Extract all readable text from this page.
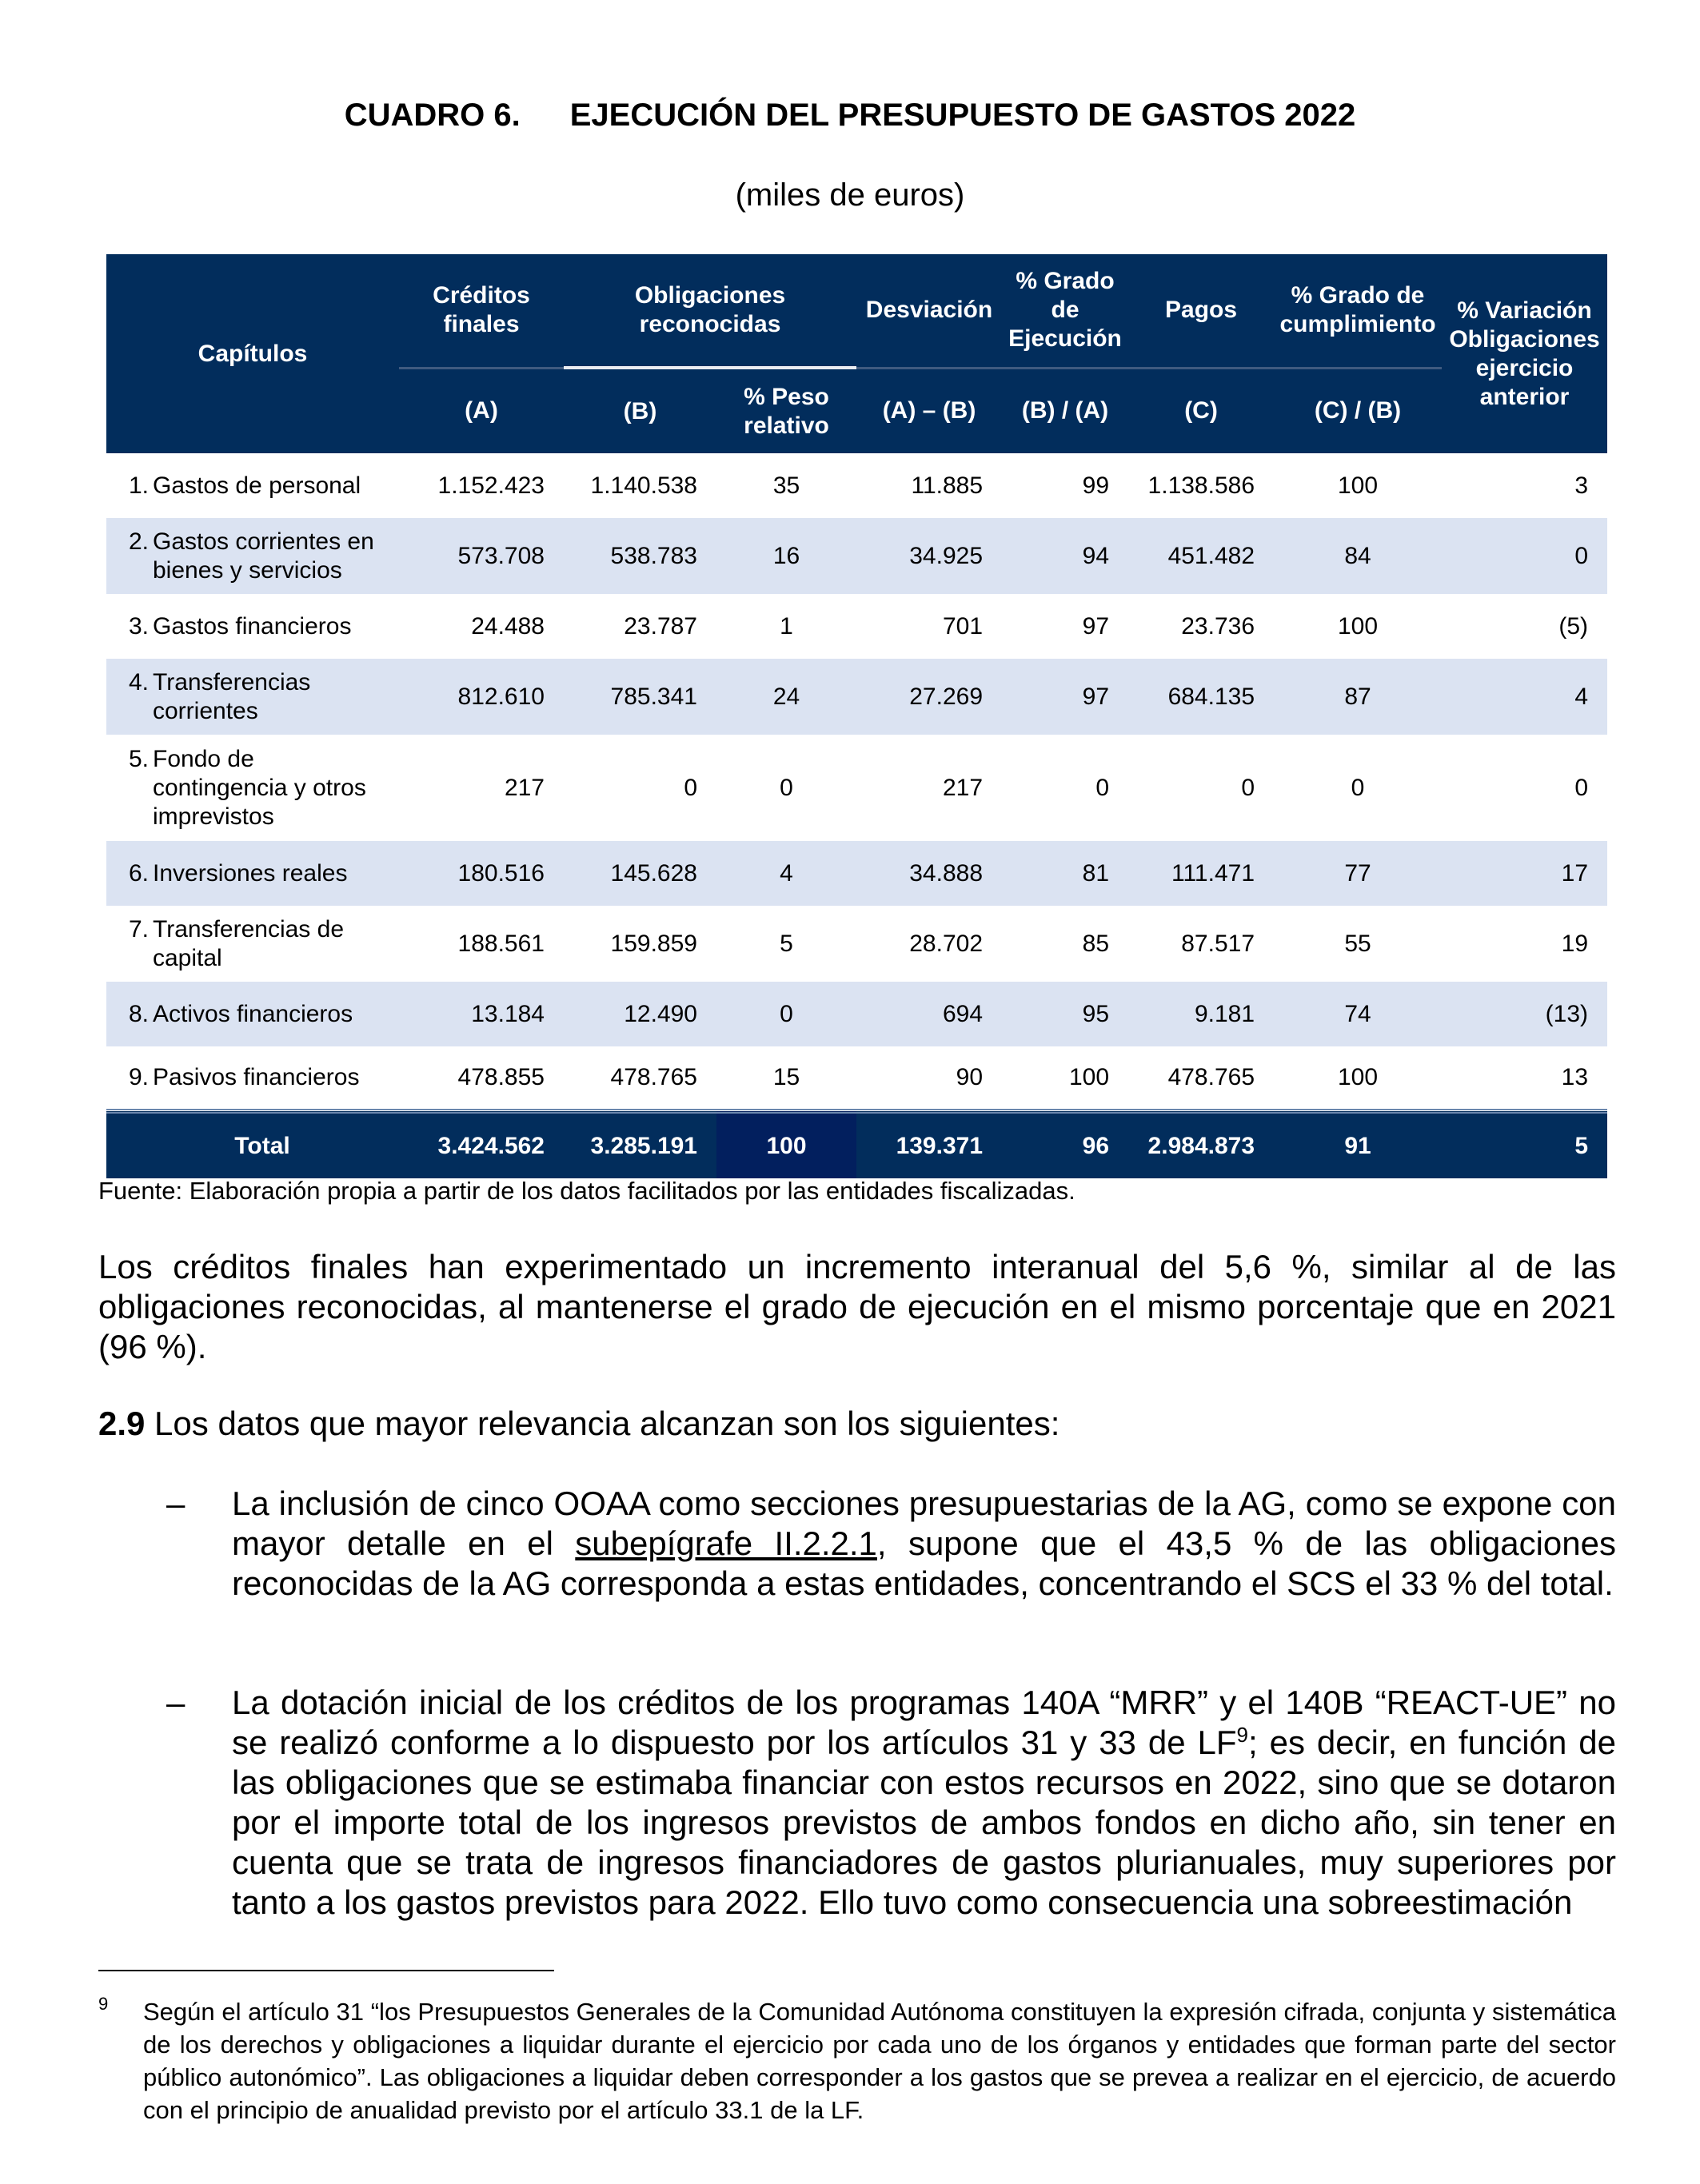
CUADRO 6. EJECUCIÓN DEL PRESUPUESTO DE GASTOS 2022
(miles de euros)
Capítulos	Créditos finales	Obligaciones reconocidas		Desviación	% Grado de Ejecución	Pagos	% Grado de cumplimiento	% Variación Obligaciones ejercicio anterior
	(A)	(B)	% Peso relativo	(A) – (B)	(B) / (A)	(C)	(C) / (B)	
1. Gastos de personal	1.152.423	1.140.538	35	11.885	99	1.138.586	100	3
2. Gastos corrientes en
bienes y servicios	573.708	538.783	16	34.925	94	451.482	84	0
3. Gastos financieros	24.488	23.787	1	701	97	23.736	100	(5)
4. Transferencias
corrientes	812.610	785.341	24	27.269	97	684.135	87	4
5. Fondo de
contingencia y otros imprevistos	217	0	0	217	0	0	0	0
6. Inversiones reales	180.516	145.628	4	34.888	81	111.471	77	17
7. Transferencias de
capital	188.561	159.859	5	28.702	85	87.517	55	19
8. Activos financieros	13.184	12.490	0	694	95	9.181	74	(13)
9. Pasivos financieros	478.855	478.765	15	90	100	478.765	100	13
Total	3.424.562	3.285.191	100	139.371	96	2.984.873	91	5
Fuente: Elaboración propia a partir de los datos facilitados por las entidades fiscalizadas.
Los créditos finales han experimentado un incremento interanual del 5,6 %, similar al de las obligaciones reconocidas, al mantenerse el grado de ejecución en el mismo porcentaje que en 2021 (96 %).
2.9 Los datos que mayor relevancia alcanzan son los siguientes:
– La inclusión de cinco OOAA como secciones presupuestarias de la AG, como se expone con mayor detalle en el subepígrafe II.2.2.1, supone que el 43,5 % de las obligaciones reconocidas de la AG corresponda a estas entidades, concentrando el SCS el 33 % del total.
– La dotación inicial de los créditos de los programas 140A “MRR” y el 140B “REACT-UE” no se realizó conforme a lo dispuesto por los artículos 31 y 33 de $LF^9$; es decir, en función de las obligaciones que se estimaba financiar con estos recursos en 2022, sino que se dotaron por el importe total de los ingresos previstos de ambos fondos en dicho año, sin tener en cuenta que se trata de ingresos financiadores de gastos plurianuales, muy superiores por tanto a los gastos previstos para 2022. Ello tuvo como consecuencia una sobreestimación
9 Según el artículo 31 “los Presupuestos Generales de la Comunidad Autónoma constituyen la expresión cifrada, conjunta y sistemática de los derechos y obligaciones a liquidar durante el ejercicio por cada uno de los órganos y entidades que forman parte del sector público autonómico”. Las obligaciones a liquidar deben corresponder a los gastos que se prevea a realizar en el ejercicio, de acuerdo con el principio de anualidad previsto por el artículo 33.1 de la LF.
